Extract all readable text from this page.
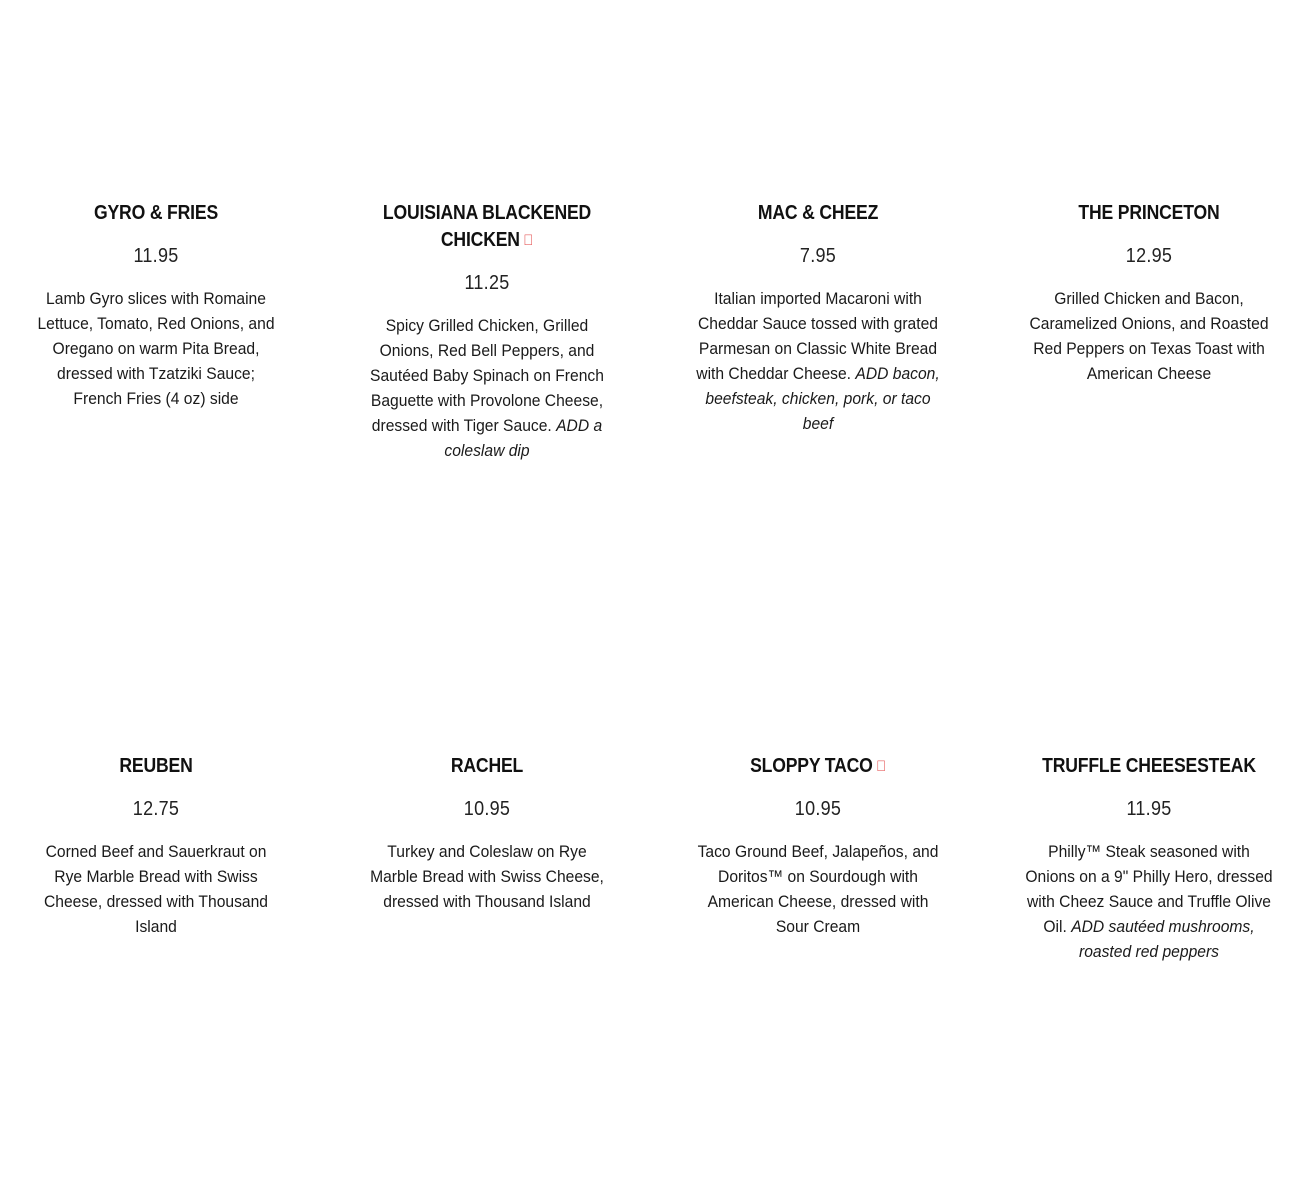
GYRO & FRIES

11.95

Lamb Gyro slices with Romaine Lettuce, Tomato, Red Onions, and Oregano on warm Pita Bread, dressed with Tzatziki Sauce; French Fries (4 oz) side

LOUISIANA BLACKENED CHICKEN

11.25

Spicy Grilled Chicken, Grilled Onions, Red Bell Peppers, and Sautéed Baby Spinach on French Baguette with Provolone Cheese, dressed with Tiger Sauce. ADD a coleslaw dip

MAC & CHEEZ

7.95

Italian imported Macaroni with Cheddar Sauce tossed with grated Parmesan on Classic White Bread with Cheddar Cheese. ADD bacon, beefsteak, chicken, pork, or taco beef

THE PRINCETON

12.95

Grilled Chicken and Bacon, Caramelized Onions, and Roasted Red Peppers on Texas Toast with American Cheese

REUBEN

12.75

Corned Beef and Sauerkraut on Rye Marble Bread with Swiss Cheese, dressed with Thousand Island

RACHEL

10.95

Turkey and Coleslaw on Rye Marble Bread with Swiss Cheese, dressed with Thousand Island

SLOPPY TACO

10.95

Taco Ground Beef, Jalapeños, and Doritos™ on Sourdough with American Cheese, dressed with Sour Cream

TRUFFLE CHEESESTEAK

11.95

Philly™ Steak seasoned with Onions on a 9" Philly Hero, dressed with Cheez Sauce and Truffle Olive Oil. ADD sautéed mushrooms, roasted red peppers
